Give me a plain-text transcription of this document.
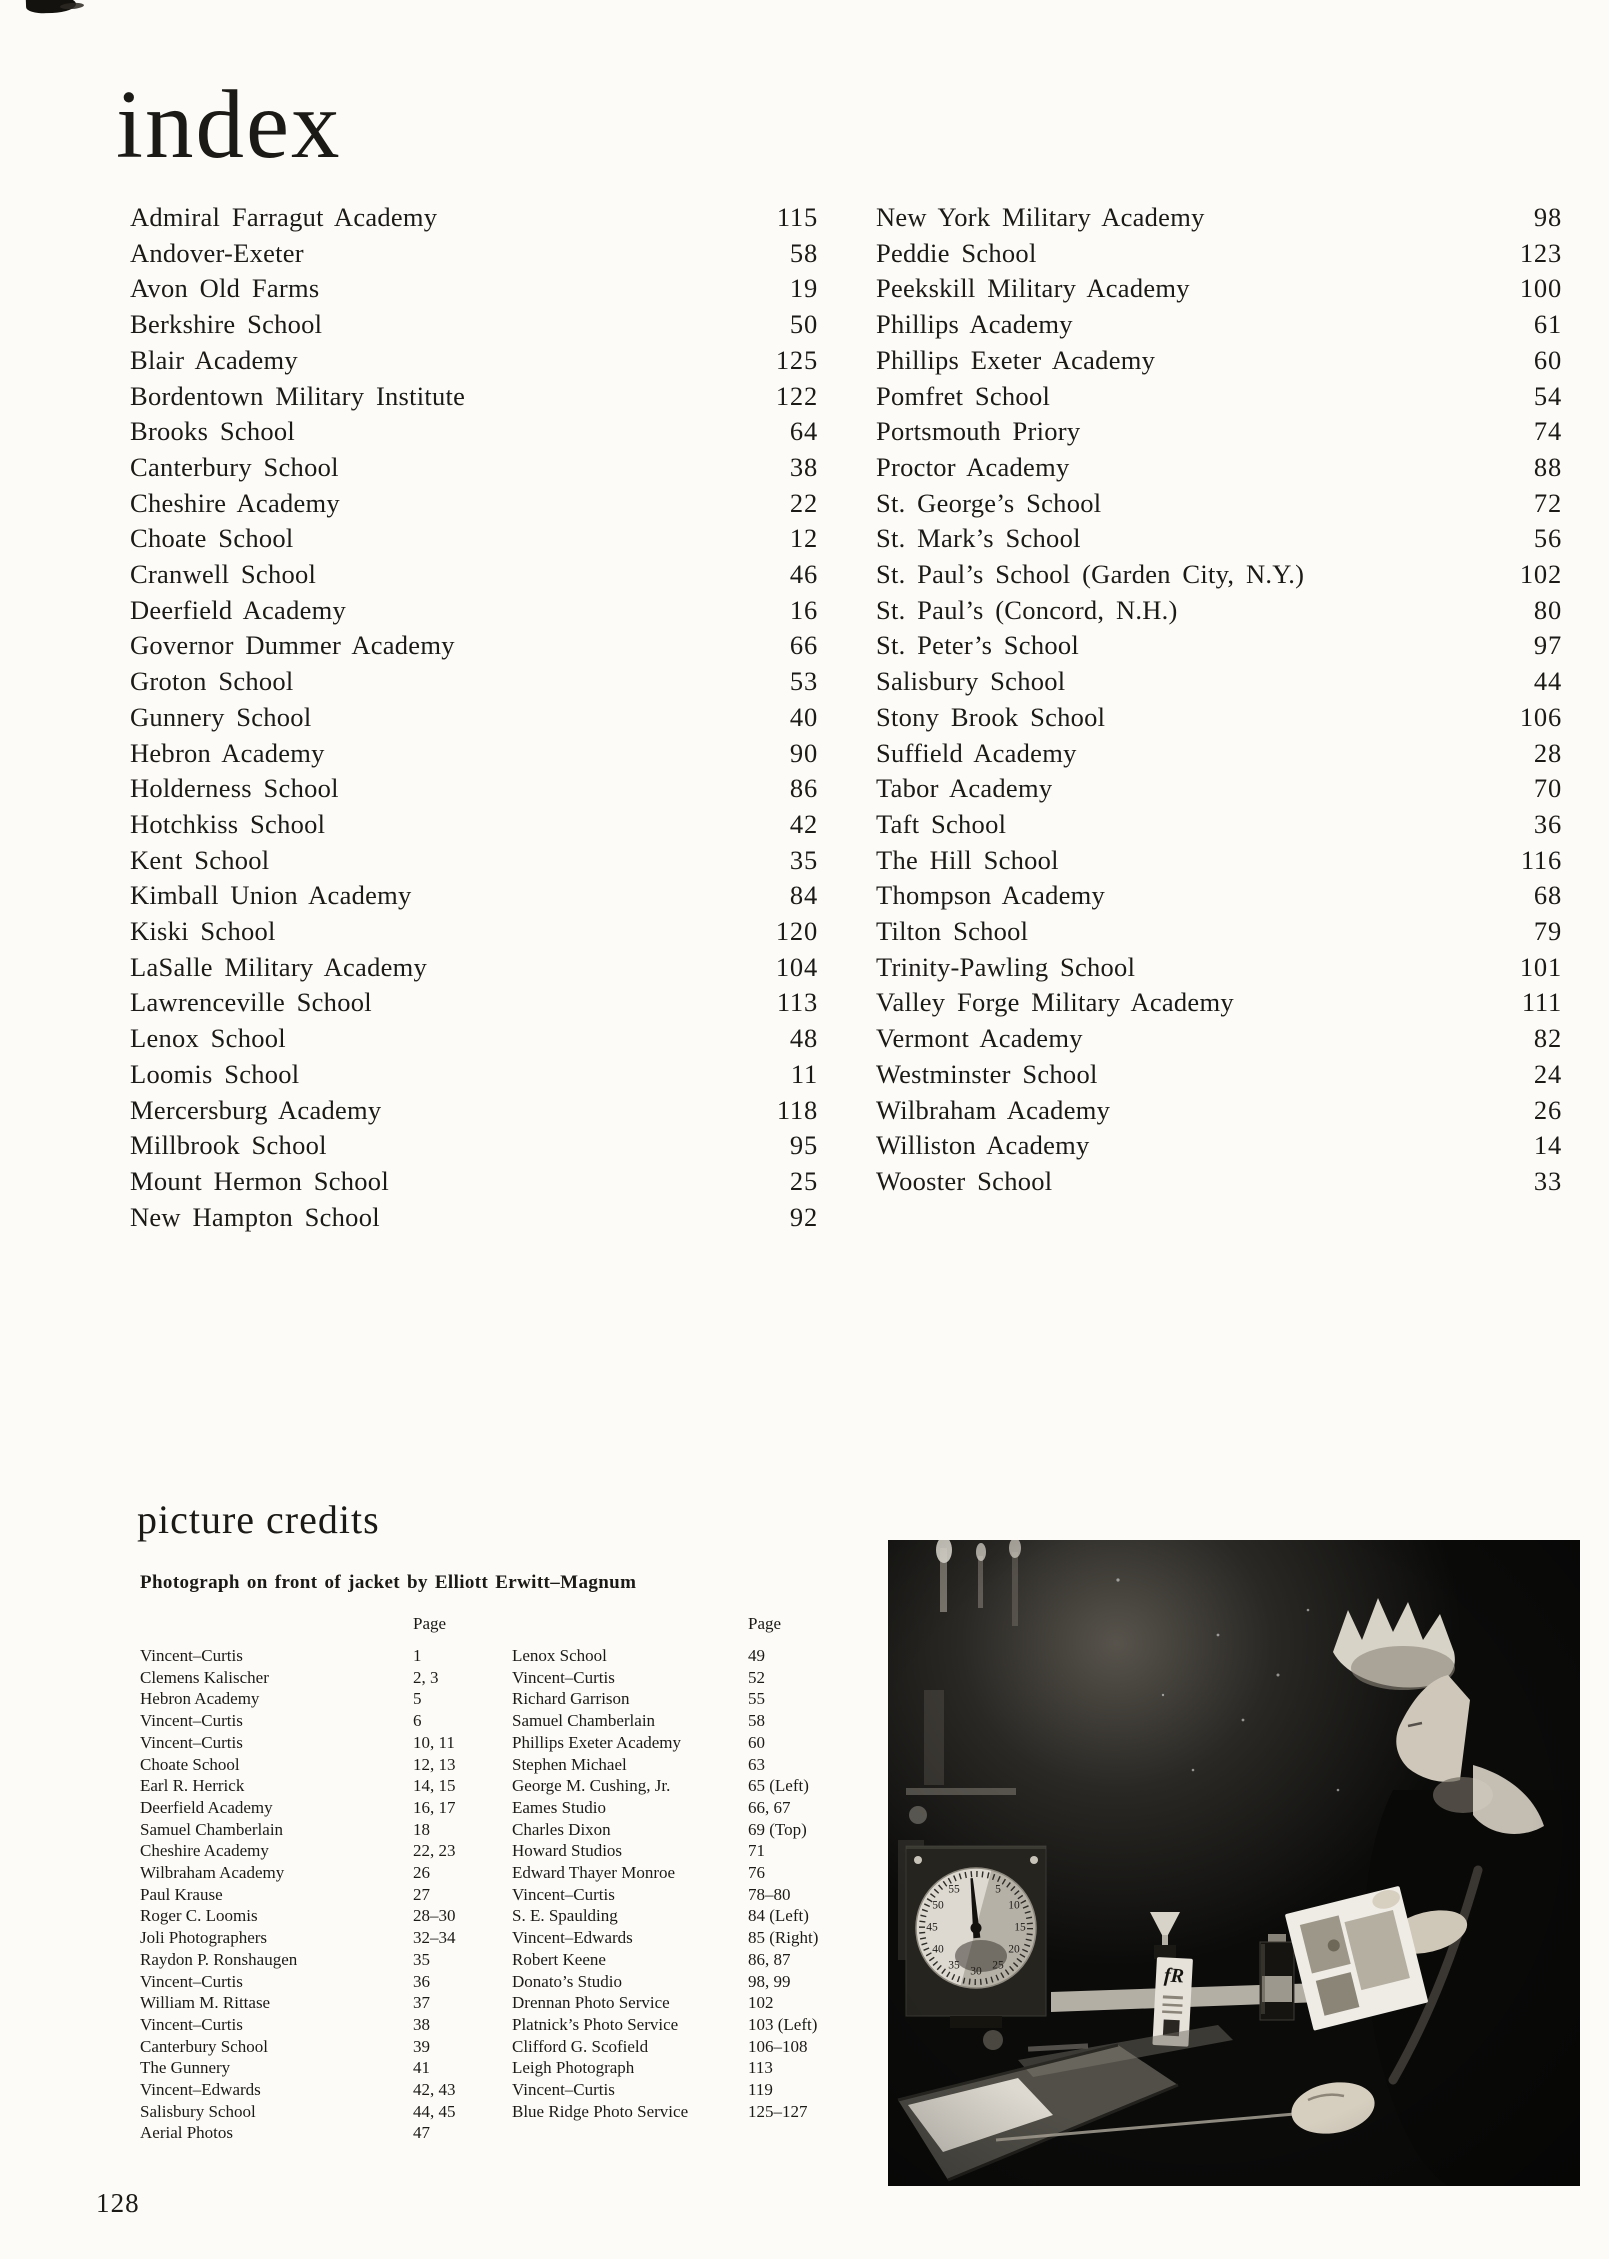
index
Admiral Farragut Academy	115
Andover-Exeter	58
Avon Old Farms	19
Berkshire School	50
Blair Academy	125
Bordentown Military Institute	122
Brooks School	64
Canterbury School	38
Cheshire Academy	22
Choate School	12
Cranwell School	46
Deerfield Academy	16
Governor Dummer Academy	66
Groton School	53
Gunnery School	40
Hebron Academy	90
Holderness School	86
Hotchkiss School	42
Kent School	35
Kimball Union Academy	84
Kiski School	120
LaSalle Military Academy	104
Lawrenceville School	113
Lenox School	48
Loomis School	11
Mercersburg Academy	118
Millbrook School	95
Mount Hermon School	25
New Hampton School	92
New York Military Academy	98
Peddie School	123
Peekskill Military Academy	100
Phillips Academy	61
Phillips Exeter Academy	60
Pomfret School	54
Portsmouth Priory	74
Proctor Academy	88
St. George’s School	72
St. Mark’s School	56
St. Paul’s School (Garden City, N.Y.)	102
St. Paul’s (Concord, N.H.)	80
St. Peter’s School	97
Salisbury School	44
Stony Brook School	106
Suffield Academy	28
Tabor Academy	70
Taft School	36
The Hill School	116
Thompson Academy	68
Tilton School	79
Trinity-Pawling School	101
Valley Forge Military Academy	111
Vermont Academy	82
Westminster School	24
Wilbraham Academy	26
Williston Academy	14
Wooster School	33
picture credits

Photograph on front of jacket by Elliott Erwitt–Magnum

Page	Page
Vincent–Curtis	1
Clemens Kalischer	2, 3
Hebron Academy	5
Vincent–Curtis	6
Vincent–Curtis	10, 11
Choate School	12, 13
Earl R. Herrick	14, 15
Deerfield Academy	16, 17
Samuel Chamberlain	18
Cheshire Academy	22, 23
Wilbraham Academy	26
Paul Krause	27
Roger C. Loomis	28–30
Joli Photographers	32–34
Raydon P. Ronshaugen	35
Vincent–Curtis	36
William M. Rittase	37
Vincent–Curtis	38
Canterbury School	39
The Gunnery	41
Vincent–Edwards	42, 43
Salisbury School	44, 45
Aerial Photos	47
Lenox School	49
Vincent–Curtis	52
Richard Garrison	55
Samuel Chamberlain	58
Phillips Exeter Academy	60
Stephen Michael	63
George M. Cushing, Jr.	65 (Left)
Eames Studio	66, 67
Charles Dixon	69 (Top)
Howard Studios	71
Edward Thayer Monroe	76
Vincent–Curtis	78–80
S. E. Spaulding	84 (Left)
Vincent–Edwards	85 (Right)
Robert Keene	86, 87
Donato’s Studio	98, 99
Drennan Photo Service	102
Platnick’s Photo Service	103 (Left)
Clifford G. Scofield	106–108
Leigh Photograph	113
Vincent–Curtis	119
Blue Ridge Photo Service	125–127
128
